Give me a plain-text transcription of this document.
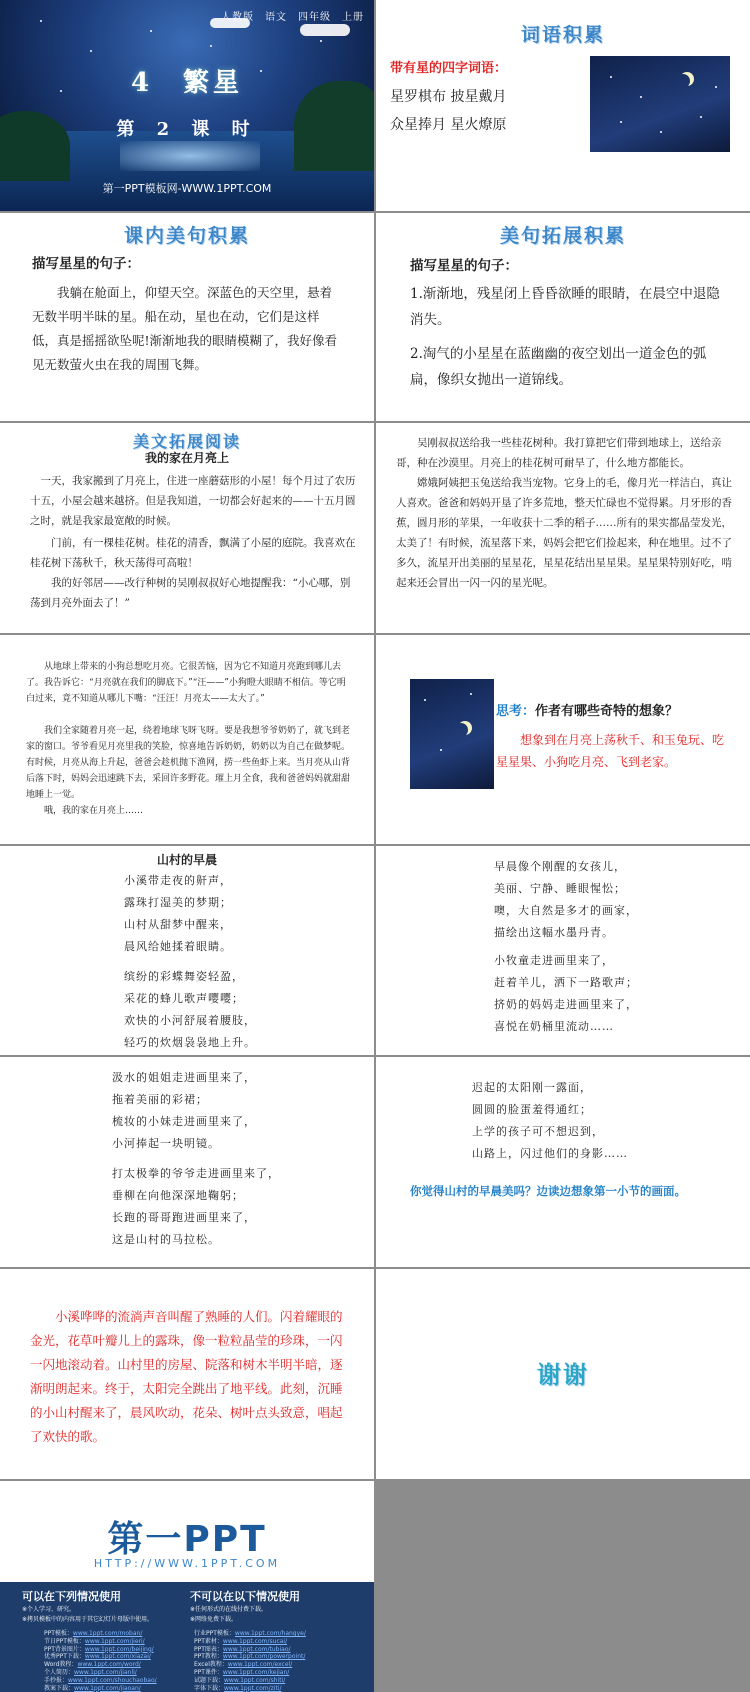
人教版　语文　四年级　上册
4　繁星
第 2 课 时
第一PPT模板网-WWW.1PPT.COM
词语积累
带有星的四字词语：
星罗棋布 披星戴月
众星捧月 星火燎原
课内美句积累
描写星星的句子：
我躺在舱面上，仰望天空。深蓝色的天空里，悬着无数半明半昧的星。船在动，星也在动，它们是这样低，真是摇摇欲坠呢!渐渐地我的眼睛模糊了，我好像看见无数萤火虫在我的周围飞舞。
美句拓展积累
描写星星的句子：
1.渐渐地，残星闭上昏昏欲睡的眼睛，在晨空中退隐消失。
2.淘气的小星星在蓝幽幽的夜空划出一道金色的弧扁，像织女抛出一道锦线。
美文拓展阅读
我的家在月亮上
一天，我家搬到了月亮上，住进一座蘑菇形的小屋！每个月过了农历十五，小屋会越来越挤。但是我知道，一切都会好起来的——十五月圆之时，就是我家最宽敞的时候。
门前，有一棵桂花树。桂花的清香，飘满了小屋的庭院。我喜欢在桂花树下荡秋千，秋天荡得可高啦！
我的好邻居——改行种树的吴刚叔叔好心地提醒我：“小心哪，别荡到月亮外面去了！”
吴刚叔叔送给我一些桂花树种。我打算把它们带到地球上，送给亲哥，种在沙漠里。月亮上的桂花树可耐旱了，什么地方都能长。
嫦娥阿姨把玉兔送给我当宠物。它身上的毛，像月光一样洁白，真让人喜欢。爸爸和妈妈开垦了许多荒地，整天忙碌也不觉得累。月牙形的香蕉，圆月形的苹果，一年收获十二季的稻子……所有的果实都晶莹发光，太美了！有时候，流星落下来，妈妈会把它们捡起来，种在地里。过不了多久，流星开出美丽的星星花，星星花结出星星果。星星果特别好吃，啃起来还会冒出一闪一闪的星光呢。
从地球上带来的小狗总想吃月亮。它很苦恼，因为它不知道月亮跑到哪儿去了。我告诉它：“月亮就在我们的脚底下。”“汪——”小狗瞪大眼睛不相信。等它明白过来，竟不知道从哪儿下嘴：“汪汪！月亮太——太大了。”
我们全家随着月亮一起，绕着地球飞呀飞呀。要是我想爷爷奶奶了，就飞到老家的窗口。爷爷看见月亮里我的笑脸，惊喜地告诉奶奶，奶奶以为自己在做梦呢。有时候，月亮从海上升起，爸爸会趁机抛下渔网，捞一些鱼虾上来。当月亮从山背后落下时，妈妈会迅速跳下去，采回许多野花。璀上月全食，我和爸爸妈妈就甜甜地睡上一觉。
哦，我的家在月亮上……
思考：作者有哪些奇特的想象？
想象到在月亮上荡秋千、和玉兔玩、吃星星果、小狗吃月亮、飞到老家。
山村的早晨
小溪带走夜的鼾声，
露珠打湿美的梦期；
山村从甜梦中醒来，
晨风给她揉着眼睛。
缤纷的彩蝶舞姿轻盈，
采花的蜂儿歌声嘤嘤；
欢快的小河舒展着腰肢，
轻巧的炊烟袅袅地上升。
早晨像个刚醒的女孩儿，
美丽、宁静、睡眼惺忪；
噢，大自然是多才的画家，
描绘出这幅水墨丹青。
小牧童走进画里来了，
赶着羊儿，洒下一路歌声；
挤奶的妈妈走进画里来了，
喜悦在奶桶里流动……
汲水的姐姐走进画里来了，
拖着美丽的彩裙；
梳妆的小妹走进画里来了，
小河捧起一块明镜。
打太极拳的爷爷走进画里来了，
垂柳在向他深深地鞠躬；
长跑的哥哥跑进画里来了，
这是山村的马拉松。
迟起的太阳刚一露面，
圆圆的脸蛋羞得通红；
上学的孩子可不想迟到，
山路上，闪过他们的身影……
你觉得山村的早晨美吗？边读边想象第一小节的画面。
小溪哗哗的流淌声音叫醒了熟睡的人们。闪着耀眼的金光，花草叶瓣儿上的露珠，像一粒粒晶莹的珍珠，一闪一闪地滚动着。山村里的房屋、院落和树木半明半暗，逐渐明朗起来。终于，太阳完全跳出了地平线。此刻，沉睡的小山村醒来了，晨风吹动，花朵、树叶点头致意，唱起了欢快的歌。
谢谢
第一PPT
HTTP://WWW.1PPT.COM
可以在下列情况使用
※个人学习、研究。
※拷贝模板中的内容用于其它幻灯片母版中使用。
不可以在以下情况使用
※任何形式的在线付费下载。
※网络免费下载。
PPT模板：www.1ppt.com/moban/
节日PPT模板：www.1ppt.com/jieri/
PPT背景图片：www.1ppt.com/beijing/
优秀PPT下载：www.1ppt.com/xiazai/
Word教程：www.1ppt.com/word/
个人简历：www.1ppt.com/jianli/
手抄报：www.1ppt.com/shouchaobao/
教案下载：www.1ppt.com/jiaoan/
行业PPT模板：www.1ppt.com/hangye/
PPT素材：www.1ppt.com/sucai/
PPT图表：www.1ppt.com/tubiao/
PPT教程：www.1ppt.com/powerpoint/
Excel教程：www.1ppt.com/excel/
PPT课件：www.1ppt.com/kejian/
试题下载：www.1ppt.com/shiti/
字体下载：www.1ppt.com/ziti/
